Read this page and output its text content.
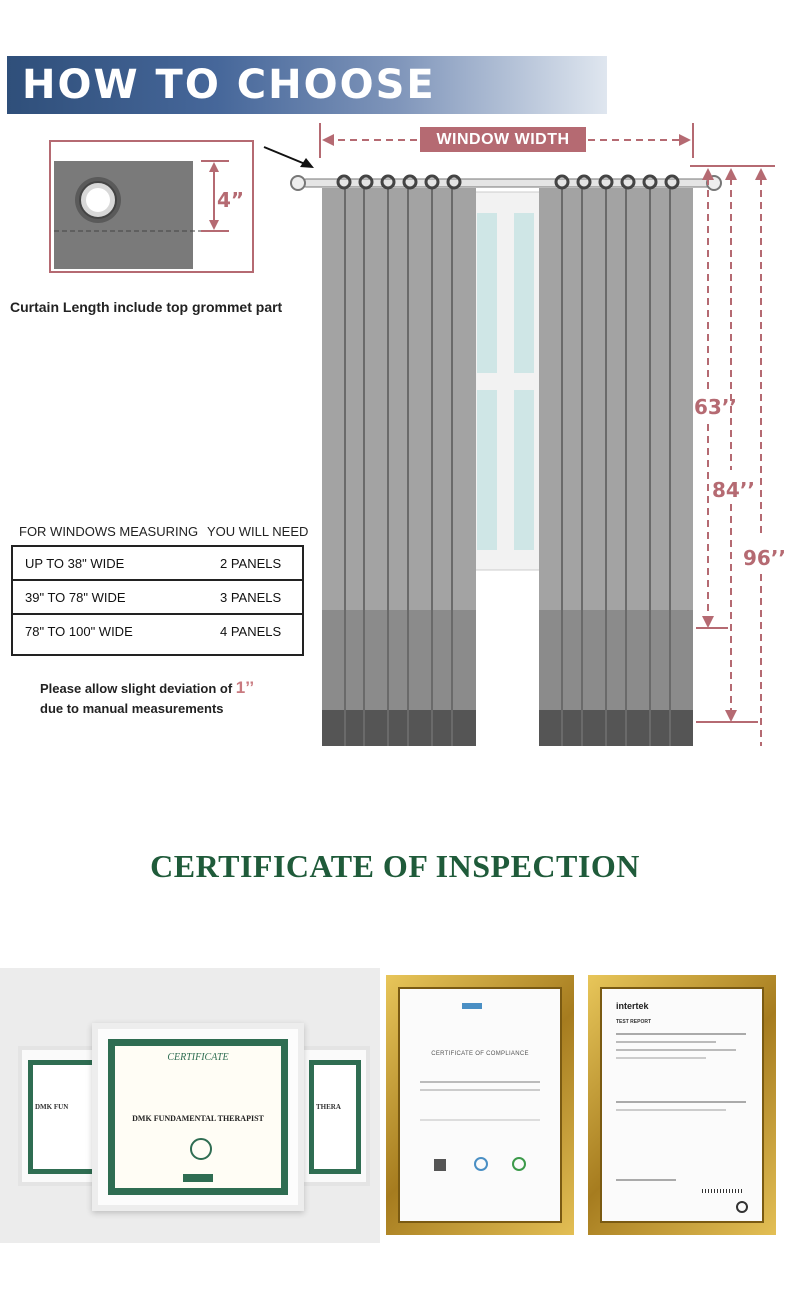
HOW TO CHOOSE
4”
Curtain Length include top grommet part
WINDOW WIDTH
63’’
84’’
96’’
FOR WINDOWS MEASURING YOU WILL NEED
UP TO 38" WIDE	2 PANELS
39" TO 78" WIDE	3 PANELS
78" TO 100" WIDE	4 PANELS
Please allow slight deviation of 1’’
due to manual measurements
CERTIFICATE OF INSPECTION
DMK FUN	THERA
CERTIFICATE
DMK FUNDAMENTAL THERAPIST
CERTIFICATE OF COMPLIANCE
intertek
TEST REPORT
